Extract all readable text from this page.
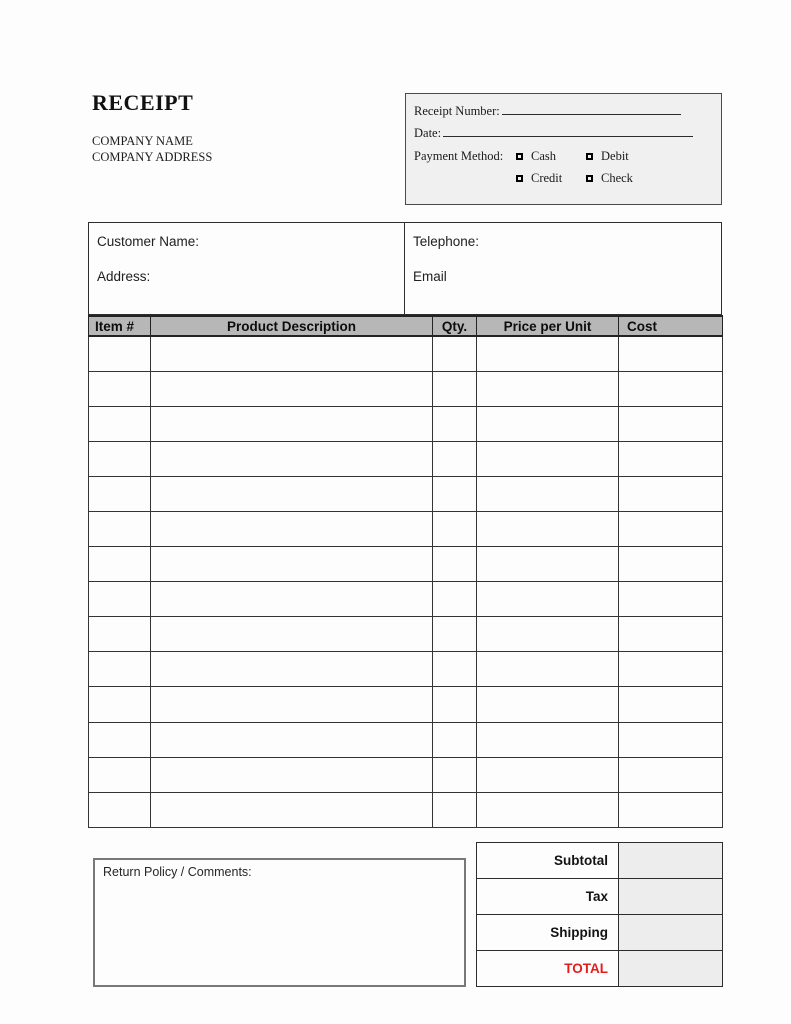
RECEIPT
COMPANY NAME
COMPANY ADDRESS
Receipt Number:
Date:
Payment Method:	Cash	Debit
Credit	Check
Customer Name:
Address:
Telephone:
Email
Item #	Product Description	Qty.	Price per Unit	Cost

Subtotal	
Tax	
Shipping	
TOTAL	
Return Policy / Comments:
